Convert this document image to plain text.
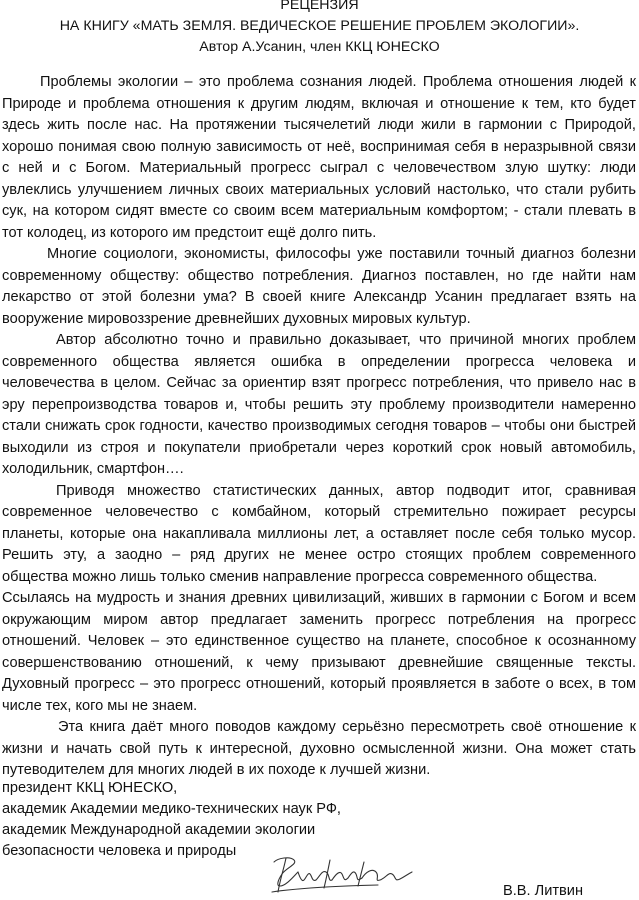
РЕЦЕНЗИЯ
НА КНИГУ «МАТЬ ЗЕМЛЯ. ВЕДИЧЕСКОЕ РЕШЕНИЕ ПРОБЛЕМ ЭКОЛОГИИ».
Автор А.Усанин, член ККЦ ЮНЕСКО

Проблемы экологии – это проблема сознания людей. Проблема отношения людей к Природе и проблема отношения к другим людям, включая и отношение к тем, кто будет здесь жить после нас. На протяжении тысячелетий люди жили в гармонии с Природой, хорошо понимая свою полную зависимость от неё, воспринимая себя в неразрывной связи с ней и с Богом. Материальный прогресс сыграл с человечеством злую шутку: люди увлеклись улучшением личных своих материальных условий настолько, что стали рубить сук, на котором сидят вместе со своим всем материальным комфортом; - стали плевать в тот колодец, из которого им предстоит ещё долго пить.

Многие социологи, экономисты, философы уже поставили точный диагноз болезни современному обществу: общество потребления. Диагноз поставлен, но где найти нам лекарство от этой болезни ума? В своей книге Александр Усанин предлагает взять на вооружение мировоззрение древнейших духовных мировых культур.

Автор абсолютно точно и правильно доказывает, что причиной многих проблем современного общества является ошибка в определении прогресса человека и человечества в целом. Сейчас за ориентир взят прогресс потребления, что привело нас в эру перепроизводства товаров и, чтобы решить эту проблему производители намеренно стали снижать срок годности, качество производимых сегодня товаров – чтобы они быстрей выходили из строя и покупатели приобретали через короткий срок новый автомобиль, холодильник, смартфон….

Приводя множество статистических данных, автор подводит итог, сравнивая современное человечество с комбайном, который стремительно пожирает ресурсы планеты, которые она накапливала миллионы лет, а оставляет после себя только мусор. Решить эту, а заодно – ряд других не менее остро стоящих проблем современного общества можно лишь только сменив направление прогресса современного общества.

Ссылаясь на мудрость и знания древних цивилизаций, живших в гармонии с Богом и всем окружающим миром автор предлагает заменить прогресс потребления на прогресс отношений. Человек – это единственное существо на планете, способное к осознанному совершенствованию отношений, к чему призывают древнейшие священные тексты. Духовный прогресс – это прогресс отношений, который проявляется в заботе о всех, в том числе тех, кого мы не знаем.

Эта книга даёт много поводов каждому серьёзно пересмотреть своё отношение к жизни и начать свой путь к интересной, духовно осмысленной жизни. Она может стать путеводителем для многих людей в их походе к лучшей жизни.

президент ККЦ ЮНЕСКО,
академик Академии медико-технических наук РФ,
академик Международной академии экологии
безопасности человека и природы
В.В. Литвин
